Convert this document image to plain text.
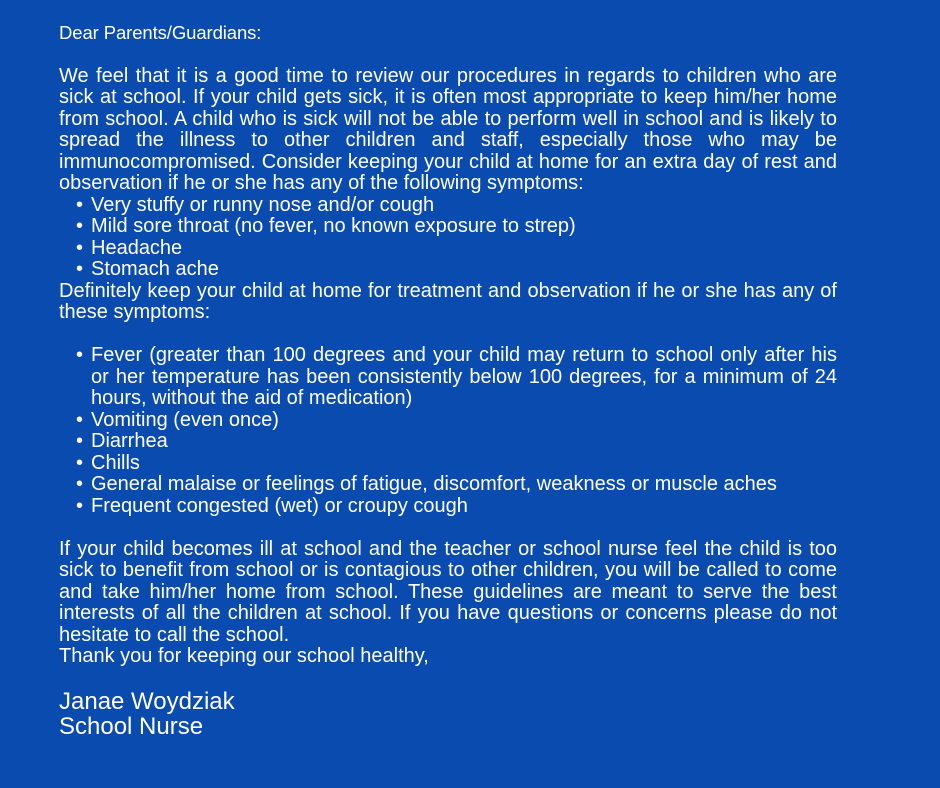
Dear Parents/Guardians:

We feel that it is a good time to review our procedures in regards to children who are sick at school. If your child gets sick, it is often most appropriate to keep him/her home from school. A child who is sick will not be able to perform well in school and is likely to spread the illness to other children and staff, especially those who may be immunocompromised. Consider keeping your child at home for an extra day of rest and observation if he or she has any of the following symptoms:

• Very stuffy or runny nose and/or cough
• Mild sore throat (no fever, no known exposure to strep)
• Headache
• Stomach ache

Definitely keep your child at home for treatment and observation if he or she has any of these symptoms:

• Fever (greater than 100 degrees and your child may return to school only after his or her temperature has been consistently below 100 degrees, for a minimum of 24 hours, without the aid of medication)
• Vomiting (even once)
• Diarrhea
• Chills
• General malaise or feelings of fatigue, discomfort, weakness or muscle aches
• Frequent congested (wet) or croupy cough

If your child becomes ill at school and the teacher or school nurse feel the child is too sick to benefit from school or is contagious to other children, you will be called to come and take him/her home from school. These guidelines are meant to serve the best interests of all the children at school. If you have questions or concerns please do not hesitate to call the school.

Thank you for keeping our school healthy,

Janae Woydziak

School Nurse
